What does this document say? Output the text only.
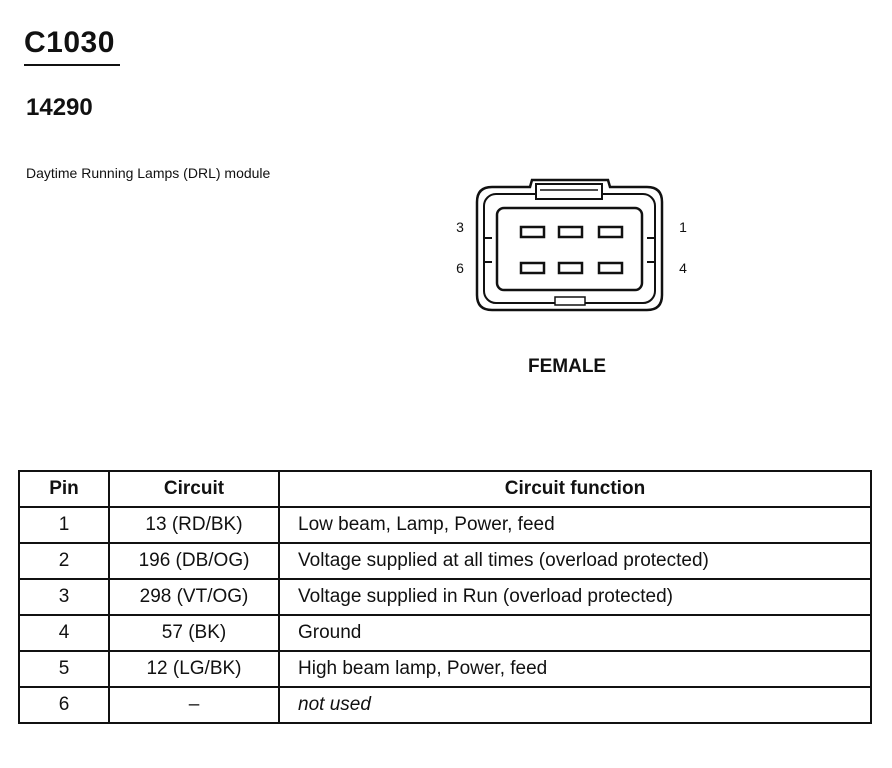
C1030
14290
Daytime Running Lamps (DRL) module
3	1
6	4
FEMALE
Pin	Circuit	Circuit function
1	13 (RD/BK)	Low beam, Lamp, Power, feed
2	196 (DB/OG)	Voltage supplied at all times (overload protected)
3	298 (VT/OG)	Voltage supplied in Run (overload protected)
4	57 (BK)	Ground
5	12 (LG/BK)	High beam lamp, Power, feed
6	–	not used
